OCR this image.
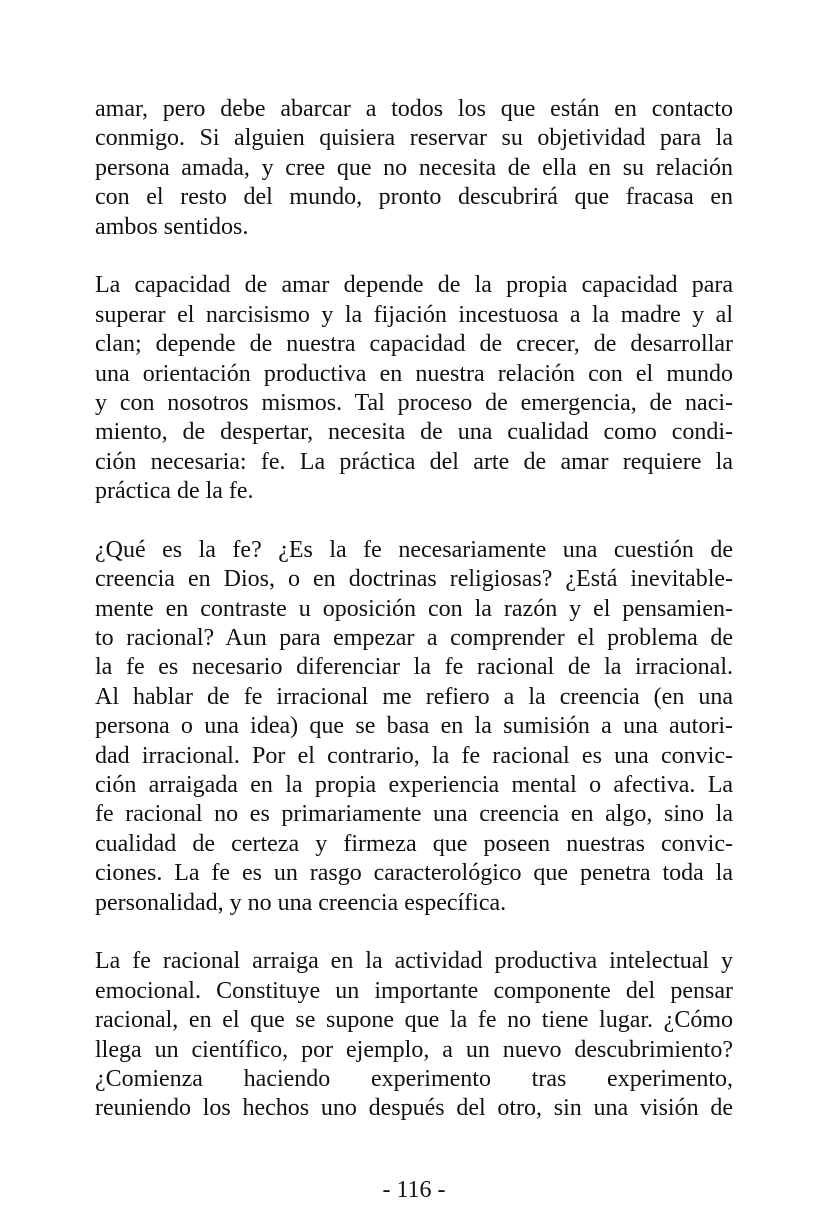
amar, pero debe abarcar a todos los que están en contacto
conmigo. Si alguien quisiera reservar su objetividad para la
persona amada, y cree que no necesita de ella en su relación
con el resto del mundo, pronto descubrirá que fracasa en
ambos sentidos.

La capacidad de amar depende de la propia capacidad para
superar el narcisismo y la fijación incestuosa a la madre y al
clan; depende de nuestra capacidad de crecer, de desarrollar
una orientación productiva en nuestra relación con el mundo
y con nosotros mismos. Tal proceso de emergencia, de naci-
miento, de despertar, necesita de una cualidad como condi-
ción necesaria: fe. La práctica del arte de amar requiere la
práctica de la fe.

¿Qué es la fe? ¿Es la fe necesariamente una cuestión de
creencia en Dios, o en doctrinas religiosas? ¿Está inevitable-
mente en contraste u oposición con la razón y el pensamien-
to racional? Aun para empezar a comprender el problema de
la fe es necesario diferenciar la fe racional de la irracional.
Al hablar de fe irracional me refiero a la creencia (en una
persona o una idea) que se basa en la sumisión a una autori-
dad irracional. Por el contrario, la fe racional es una convic-
ción arraigada en la propia experiencia mental o afectiva. La
fe racional no es primariamente una creencia en algo, sino la
cualidad de certeza y firmeza que poseen nuestras convic-
ciones. La fe es un rasgo caracterológico que penetra toda la
personalidad, y no una creencia específica.

La fe racional arraiga en la actividad productiva intelectual y
emocional. Constituye un importante componente del pensar
racional, en el que se supone que la fe no tiene lugar. ¿Cómo
llega un científico, por ejemplo, a un nuevo descubrimiento?
¿Comienza haciendo experimento tras experimento,
reuniendo los hechos uno después del otro, sin una visión de

- 116 -
